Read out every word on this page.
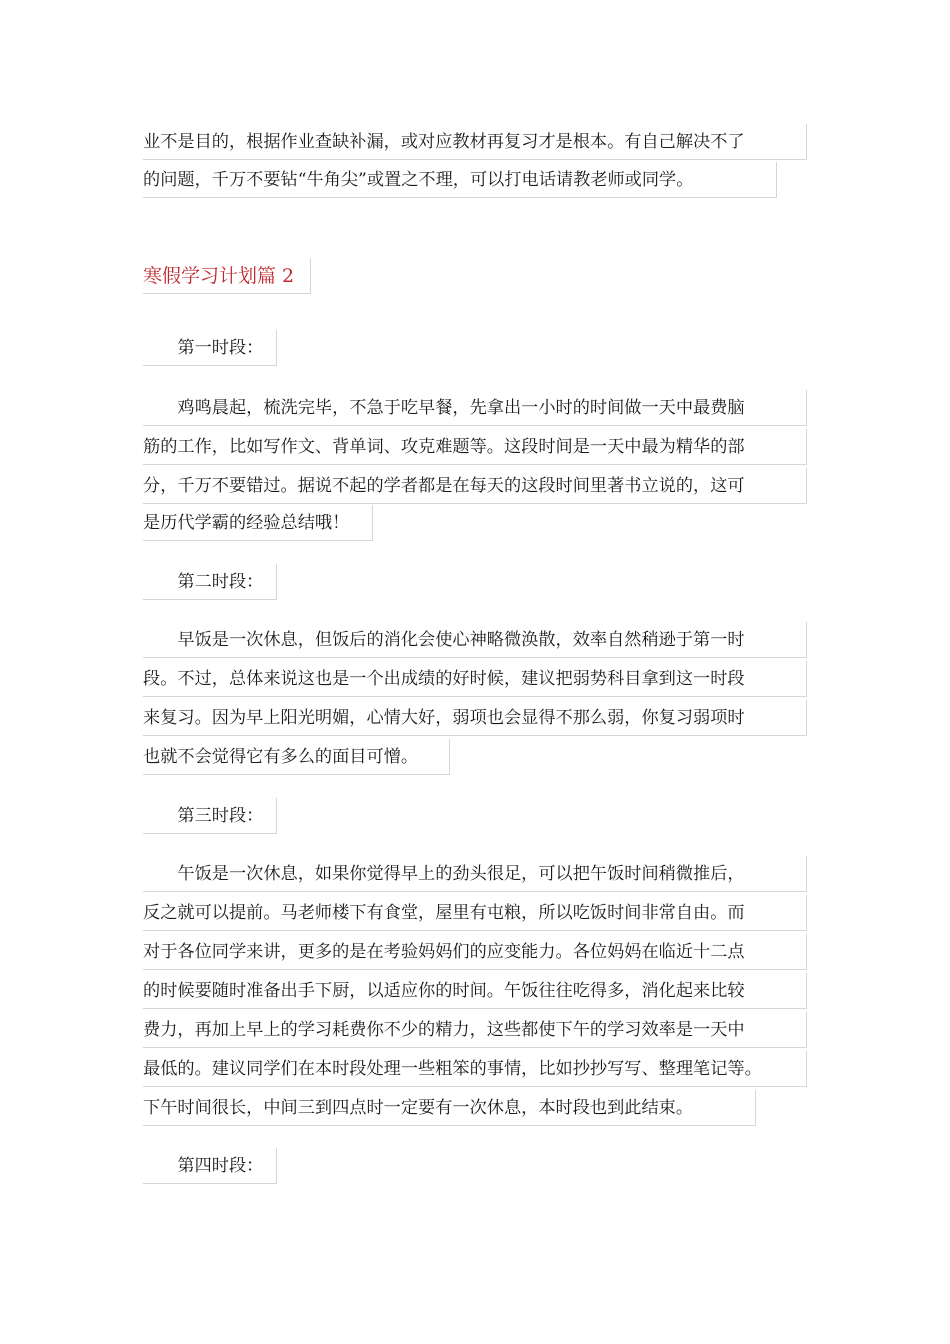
业不是目的，根据作业查缺补漏，或对应教材再复习才是根本。有自己解决不了
的问题，千万不要钻“牛角尖”或置之不理，可以打电话请教老师或同学。
寒假学习计划篇 2
　　第一时段：
　　鸡鸣晨起，梳洗完毕，不急于吃早餐，先拿出一小时的时间做一天中最费脑
筋的工作，比如写作文、背单词、攻克难题等。这段时间是一天中最为精华的部
分，千万不要错过。据说不起的学者都是在每天的这段时间里著书立说的，这可
是历代学霸的经验总结哦！
　　第二时段：
　　早饭是一次休息，但饭后的消化会使心神略微涣散，效率自然稍逊于第一时
段。不过，总体来说这也是一个出成绩的好时候，建议把弱势科目拿到这一时段
来复习。因为早上阳光明媚，心情大好，弱项也会显得不那么弱，你复习弱项时
也就不会觉得它有多么的面目可憎。
　　第三时段：
　　午饭是一次休息，如果你觉得早上的劲头很足，可以把午饭时间稍微推后，
反之就可以提前。马老师楼下有食堂，屋里有屯粮，所以吃饭时间非常自由。而
对于各位同学来讲，更多的是在考验妈妈们的应变能力。各位妈妈在临近十二点
的时候要随时准备出手下厨，以适应你的时间。午饭往往吃得多，消化起来比较
费力，再加上早上的学习耗费你不少的精力，这些都使下午的学习效率是一天中
最低的。建议同学们在本时段处理一些粗笨的事情，比如抄抄写写、整理笔记等。
下午时间很长，中间三到四点时一定要有一次休息，本时段也到此结束。
　　第四时段：
